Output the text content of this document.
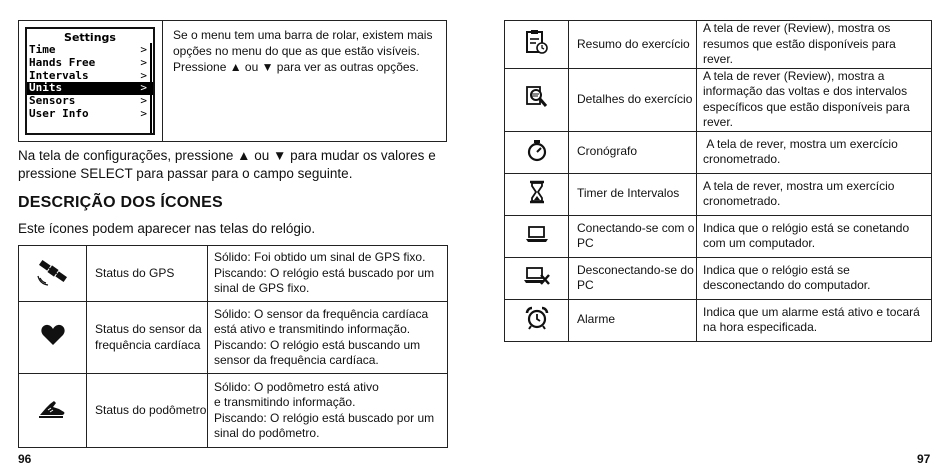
Settings
Time	>
Hands Free	>
Intervals	>
Units	>
Sensors	>
User Info	>
Se o menu tem uma barra de rolar, existem mais opções no menu do que as que estão visíveis. Pressione ▲ ou ▼ para ver as outras opções.
Na tela de configurações, pressione ▲ ou ▼ para mudar os valores e pressione SELECT para passar para o campo seguinte.
DESCRIÇÃO DOS ÍCONES
Este ícones podem aparecer nas telas do relógio.
	Status do GPS	Sólido: Foi obtido um sinal de GPS fixo.
Piscando: O relógio está buscado por um sinal de GPS fixo.
	Status do sensor da frequência cardíaca	Sólido: O sensor da frequência cardíaca está ativo e transmitindo informação.
Piscando: O relógio está buscando um sensor da frequência cardíaca.
	Status do podômetro	Sólido: O podômetro está ativo
e transmitindo informação.
Piscando: O relógio está buscado por um sinal do podômetro.
96
	Resumo do exercício	A tela de rever (Review), mostra os resumos que estão disponíveis para rever.
	Detalhes do exercício	A tela de rever (Review), mostra a informação das voltas e dos intervalos específicos que estão disponíveis para rever.
	Cronógrafo	A tela de rever, mostra um exercício cronometrado.
	Timer de Intervalos	A tela de rever, mostra um exercício cronometrado.
	Conectando-se com o PC	Indica que o relógio está se conetando com um computador.
	Desconectando-se do PC	Indica que o relógio está se desconectando do computador.
	Alarme	Indica que um alarme está ativo e tocará na hora especificada.
97
